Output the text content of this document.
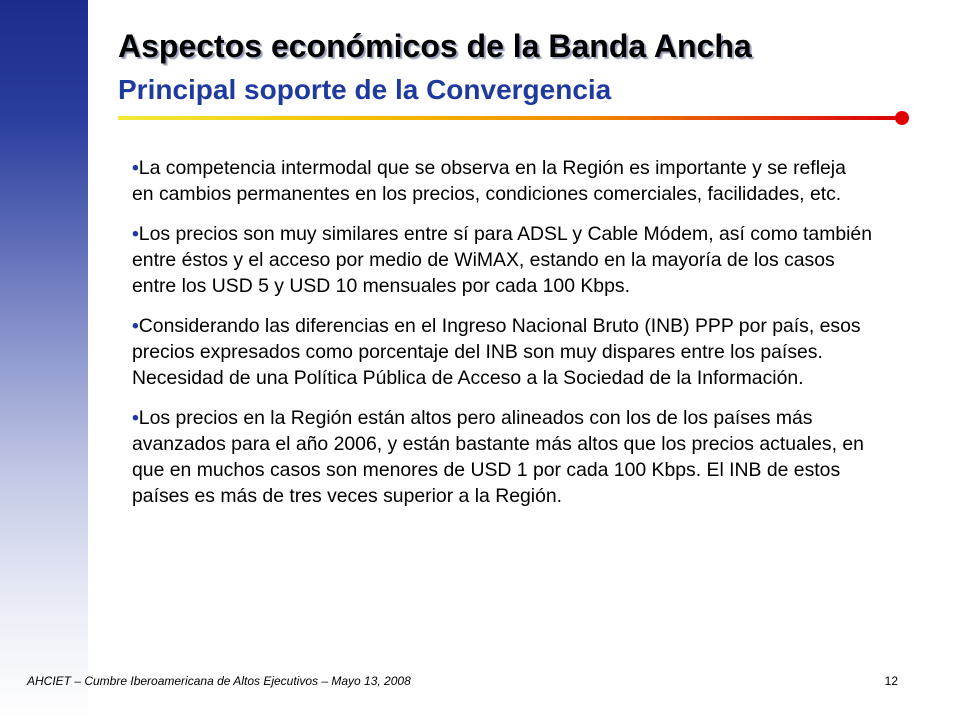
Aspectos económicos de la Banda Ancha
Principal soporte de la Convergencia

•La competencia intermodal que se observa en la Región es importante y se refleja en cambios permanentes en los precios, condiciones comerciales, facilidades, etc.

•Los precios son muy similares entre sí para ADSL y Cable Módem, así como también entre éstos y el acceso por medio de WiMAX, estando en la mayoría de los casos entre los USD 5 y USD 10 mensuales por cada 100 Kbps.

•Considerando las diferencias en el Ingreso Nacional Bruto (INB) PPP por país, esos precios expresados como porcentaje del INB son muy dispares entre los países. Necesidad de una Política Pública de Acceso a la Sociedad de la Información.

•Los precios en la Región están altos pero alineados con los de los países más avanzados para el año 2006, y están bastante más altos que los precios actuales, en que en muchos casos son menores de USD 1 por cada 100 Kbps. El INB de estos países es más de tres veces superior a la Región.

AHCIET – Cumbre Iberoamericana de Altos Ejecutivos – Mayo 13, 2008	12
